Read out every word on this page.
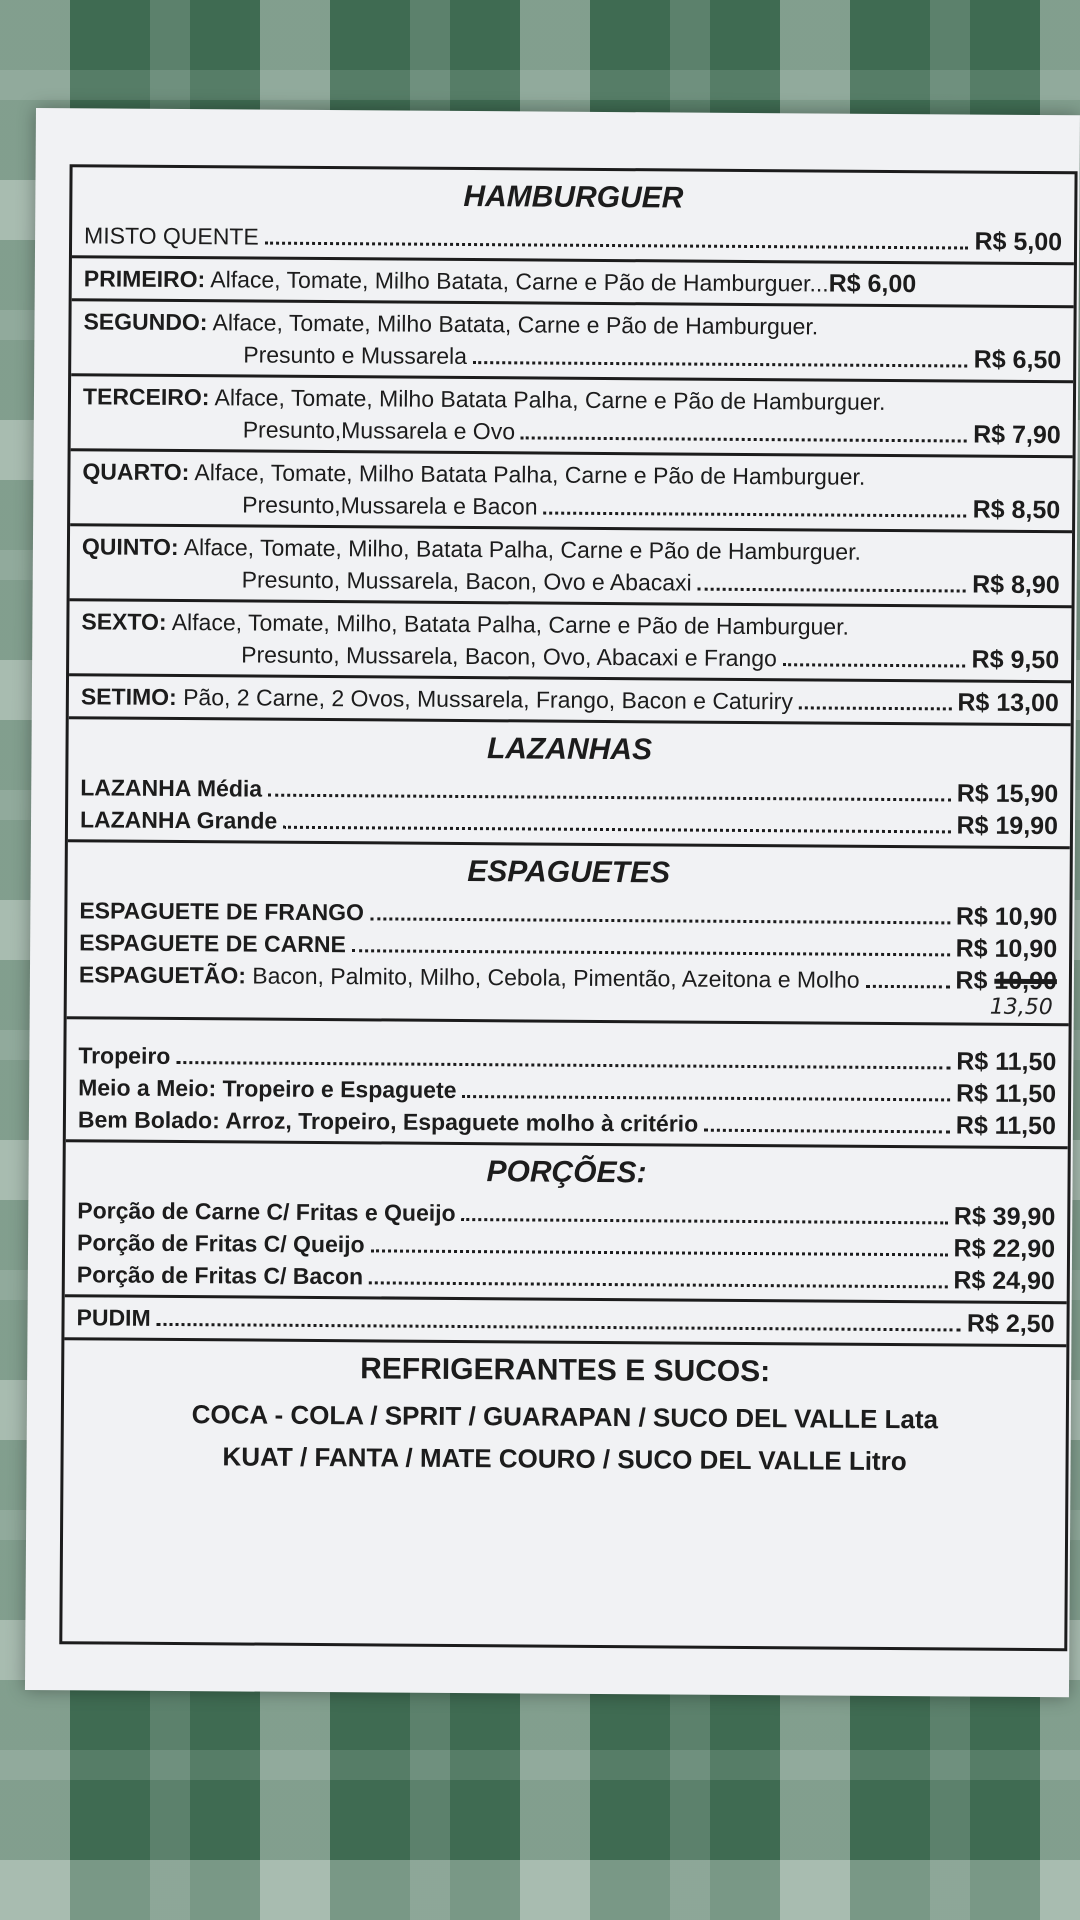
HAMBURGUER
MISTO QUENTE	R$ 5,00
PRIMEIRO: Alface, Tomate, Milho Batata, Carne e Pão de Hamburguer... R$ 6,00
SEGUNDO: Alface, Tomate, Milho Batata, Carne e Pão de Hamburguer.
Presunto e Mussarela	R$ 6,50
TERCEIRO: Alface, Tomate, Milho Batata Palha, Carne e Pão de Hamburguer.
Presunto,Mussarela e Ovo	R$ 7,90
QUARTO: Alface, Tomate, Milho Batata Palha, Carne e Pão de Hamburguer.
Presunto,Mussarela e Bacon	R$ 8,50
QUINTO: Alface, Tomate, Milho, Batata Palha, Carne e Pão de Hamburguer.
Presunto, Mussarela, Bacon, Ovo e Abacaxi	R$ 8,90
SEXTO: Alface, Tomate, Milho, Batata Palha, Carne e Pão de Hamburguer.
Presunto, Mussarela, Bacon, Ovo, Abacaxi e Frango	R$ 9,50
SETIMO: Pão, 2 Carne, 2 Ovos, Mussarela, Frango, Bacon e Caturiry	R$ 13,00
LAZANHAS
LAZANHA Média	R$ 15,90
LAZANHA Grande	R$ 19,90
ESPAGUETES
ESPAGUETE DE FRANGO	R$ 10,90
ESPAGUETE DE CARNE	R$ 10,90
ESPAGUETÃO: Bacon, Palmito, Milho, Cebola, Pimentão, Azeitona e Molho	R$ 10,90
13,50
Tropeiro	R$ 11,50
Meio a Meio: Tropeiro e Espaguete	R$ 11,50
Bem Bolado: Arroz, Tropeiro, Espaguete molho à critério	R$ 11,50
PORÇÕES:
Porção de Carne C/ Fritas e Queijo	R$ 39,90
Porção de Fritas C/ Queijo	R$ 22,90
Porção de Fritas C/ Bacon	R$ 24,90
PUDIM	R$ 2,50
REFRIGERANTES E SUCOS:
COCA - COLA / SPRIT / GUARAPAN / SUCO DEL VALLE Lata
KUAT / FANTA / MATE COURO / SUCO DEL VALLE Litro
